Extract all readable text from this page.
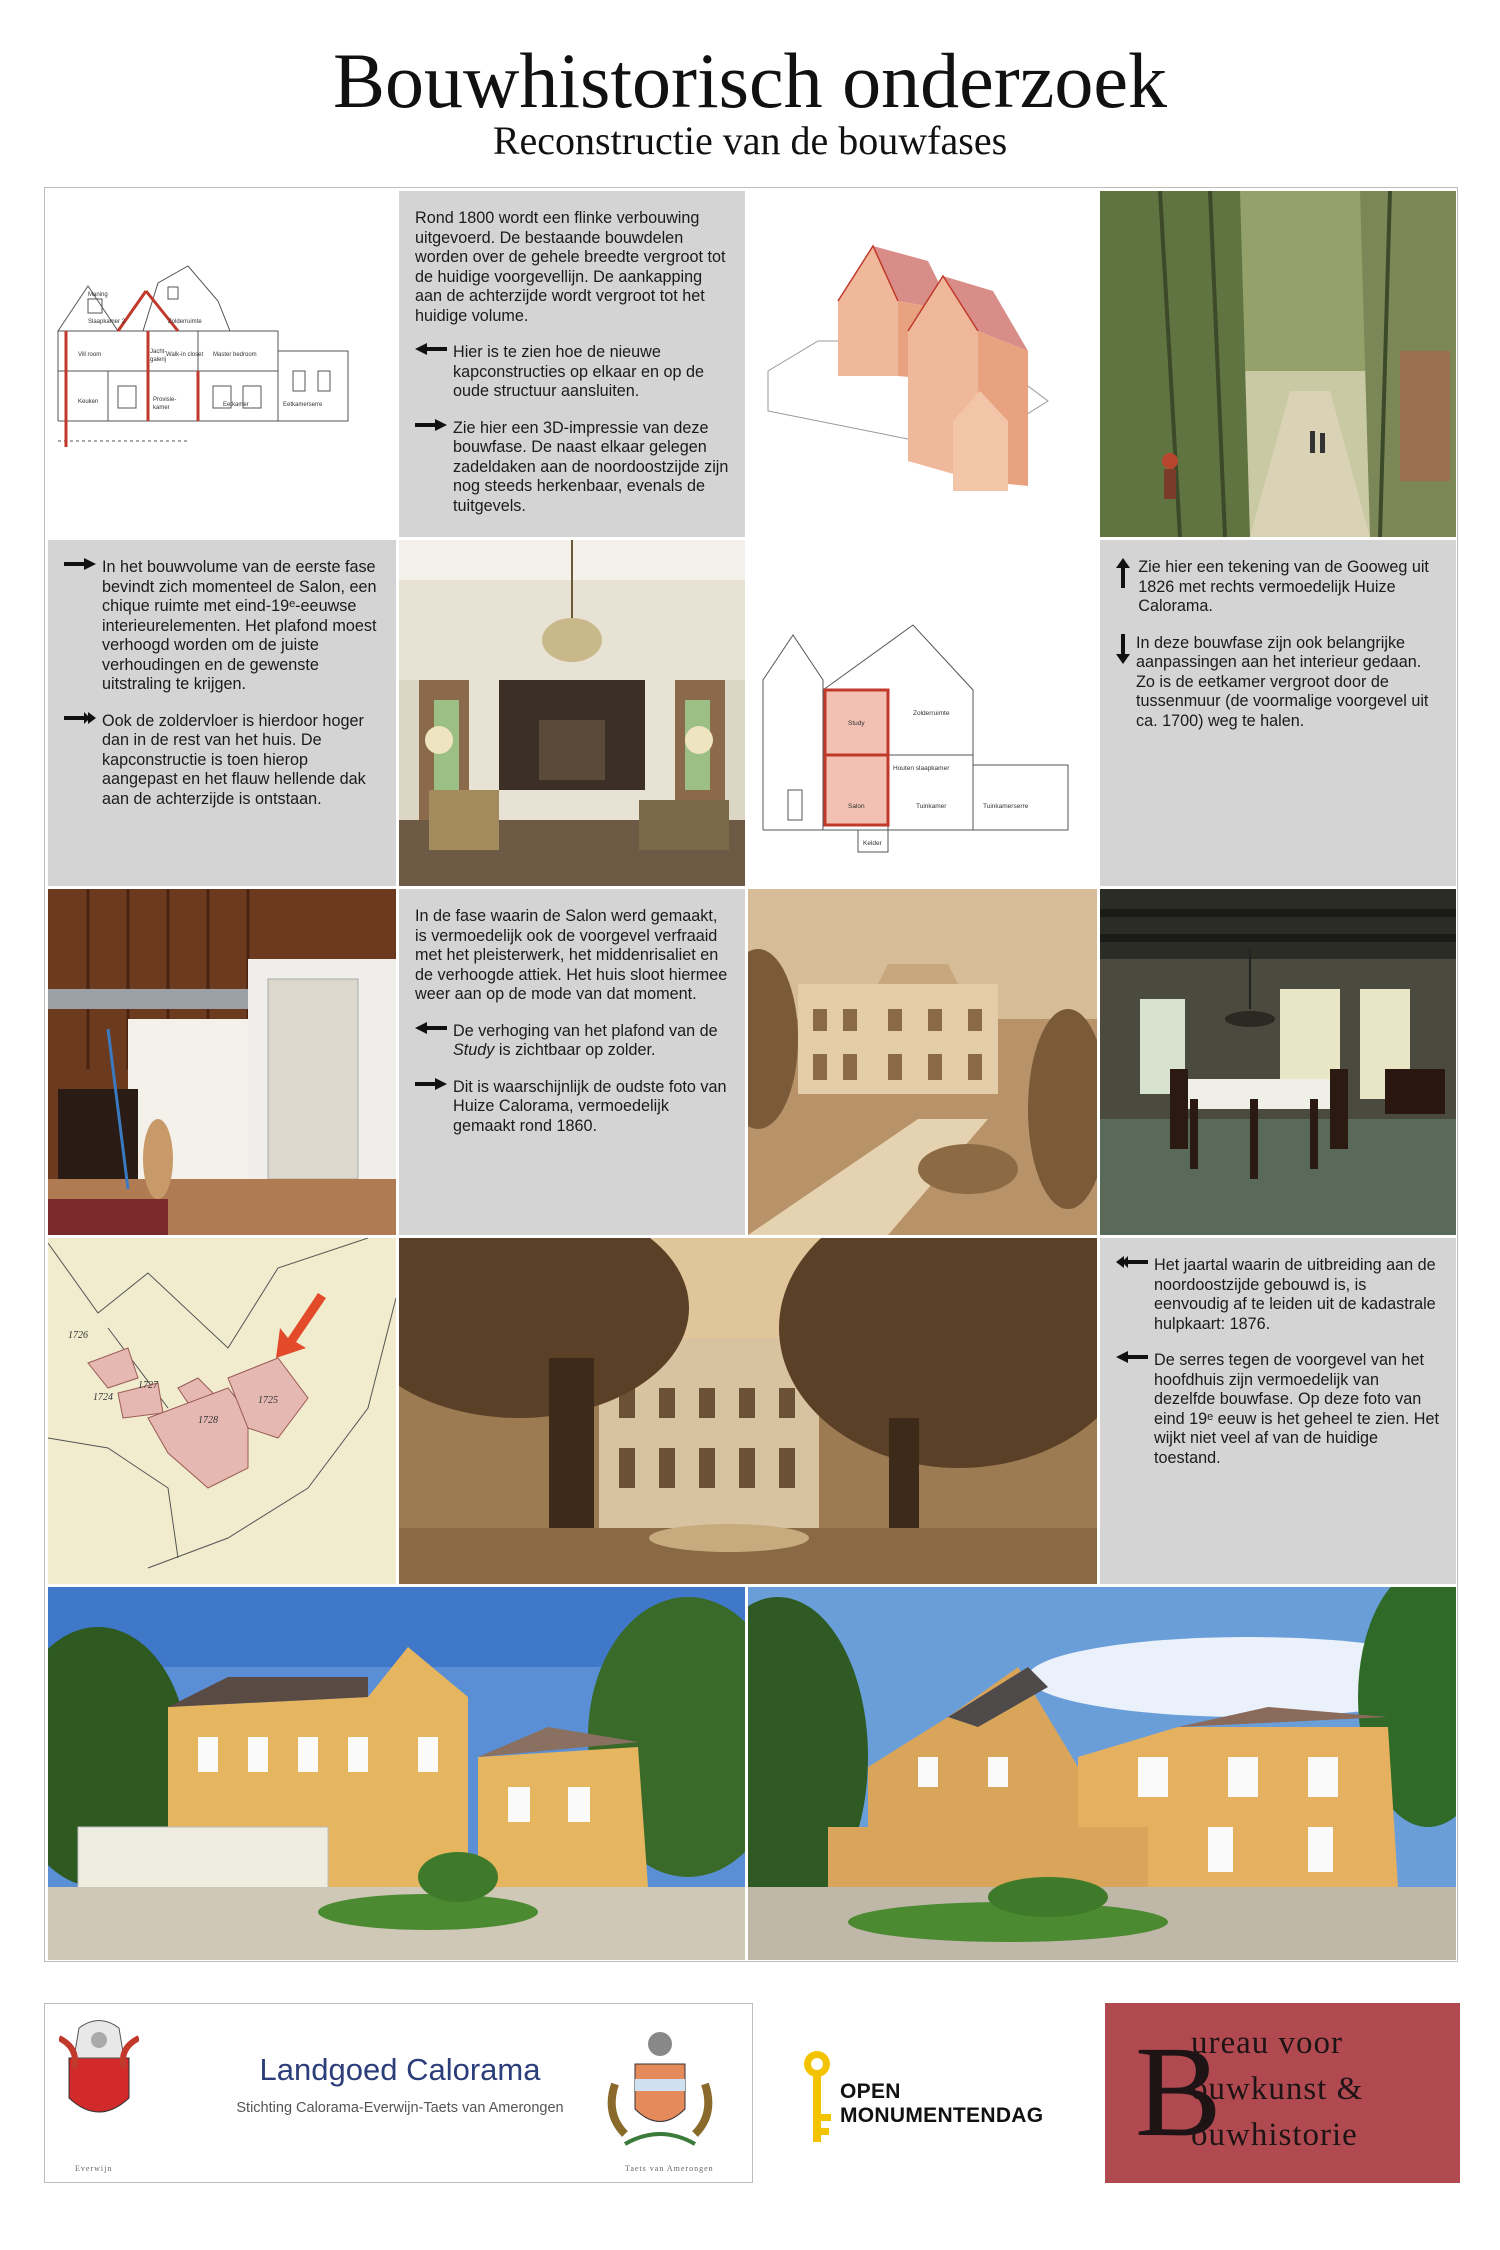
Bouwhistorisch onderzoek
Reconstructie van de bouwfases
Slaapkamer 2	Zolderruimte
Vill room	Jacht-
galerij
Walk-in closet Master bedroom
Keuken	Provisie-
kamer	Eetkamer	Eetkamerserre
Maning
Rond 1800 wordt een flinke verbouwing uitgevoerd. De bestaande bouwdelen worden over de gehele breedte vergroot tot de huidige voorgevellijn. De aankapping aan de achterzijde wordt vergroot tot het huidige volume.
Hier is te zien hoe de nieuwe kapconstructies op elkaar en op de oude structuur aansluiten.
Zie hier een 3D-impressie van deze bouwfase. De naast elkaar gelegen zadeldaken aan de noordoostzijde zijn nog steeds herkenbaar, evenals de tuitgevels.
In het bouwvolume van de eerste fase bevindt zich momenteel de Salon, een chique ruimte met eind-19ᵉ-eeuwse interieurelementen. Het plafond moest verhoogd worden om de juiste verhoudingen en de gewenste uitstraling te krijgen.
Ook de zoldervloer is hierdoor hoger dan in de rest van het huis. De kapconstructie is toen hierop aangepast en het flauw hellende dak aan de achterzijde is ontstaan.
Study
Zolderruimte
Houten slaapkamer
Salon	Tuinkamer	Tuinkamerserre
Kelder
Zie hier een tekening van de Gooweg uit 1826 met rechts vermoedelijk Huize Calorama.
In deze bouwfase zijn ook belangrijke aanpassingen aan het interieur gedaan. Zo is de eetkamer vergroot door de tussenmuur (de voormalige voorgevel uit ca. 1700) weg te halen.
In de fase waarin de Salon werd gemaakt, is vermoedelijk ook de voorgevel verfraaid met het pleisterwerk, het middenrisaliet en de verhoogde attiek. Het huis sloot hiermee weer aan op de mode van dat moment.
De verhoging van het plafond van de Study is zichtbaar op zolder.
Dit is waarschijnlijk de oudste foto van Huize Calorama, vermoedelijk gemaakt rond 1860.
1726
1727
1728
1725
1724
Het jaartal waarin de uitbreiding aan de noordoostzijde gebouwd is, is eenvoudig af te leiden uit de kadastrale hulpkaart: 1876.
De serres tegen de voorgevel van het hoofdhuis zijn vermoedelijk van dezelfde bouwfase. Op deze foto van eind 19ᵉ eeuw is het geheel te zien. Het wijkt niet veel af van de huidige toestand.
Everwijn
Landgoed Calorama
Stichting Calorama-Everwijn-Taets van Amerongen
Taets van Amerongen
OPEN
MONUMENTENDAG B
ureau voor
ouwkunst &
ouwhistorie
